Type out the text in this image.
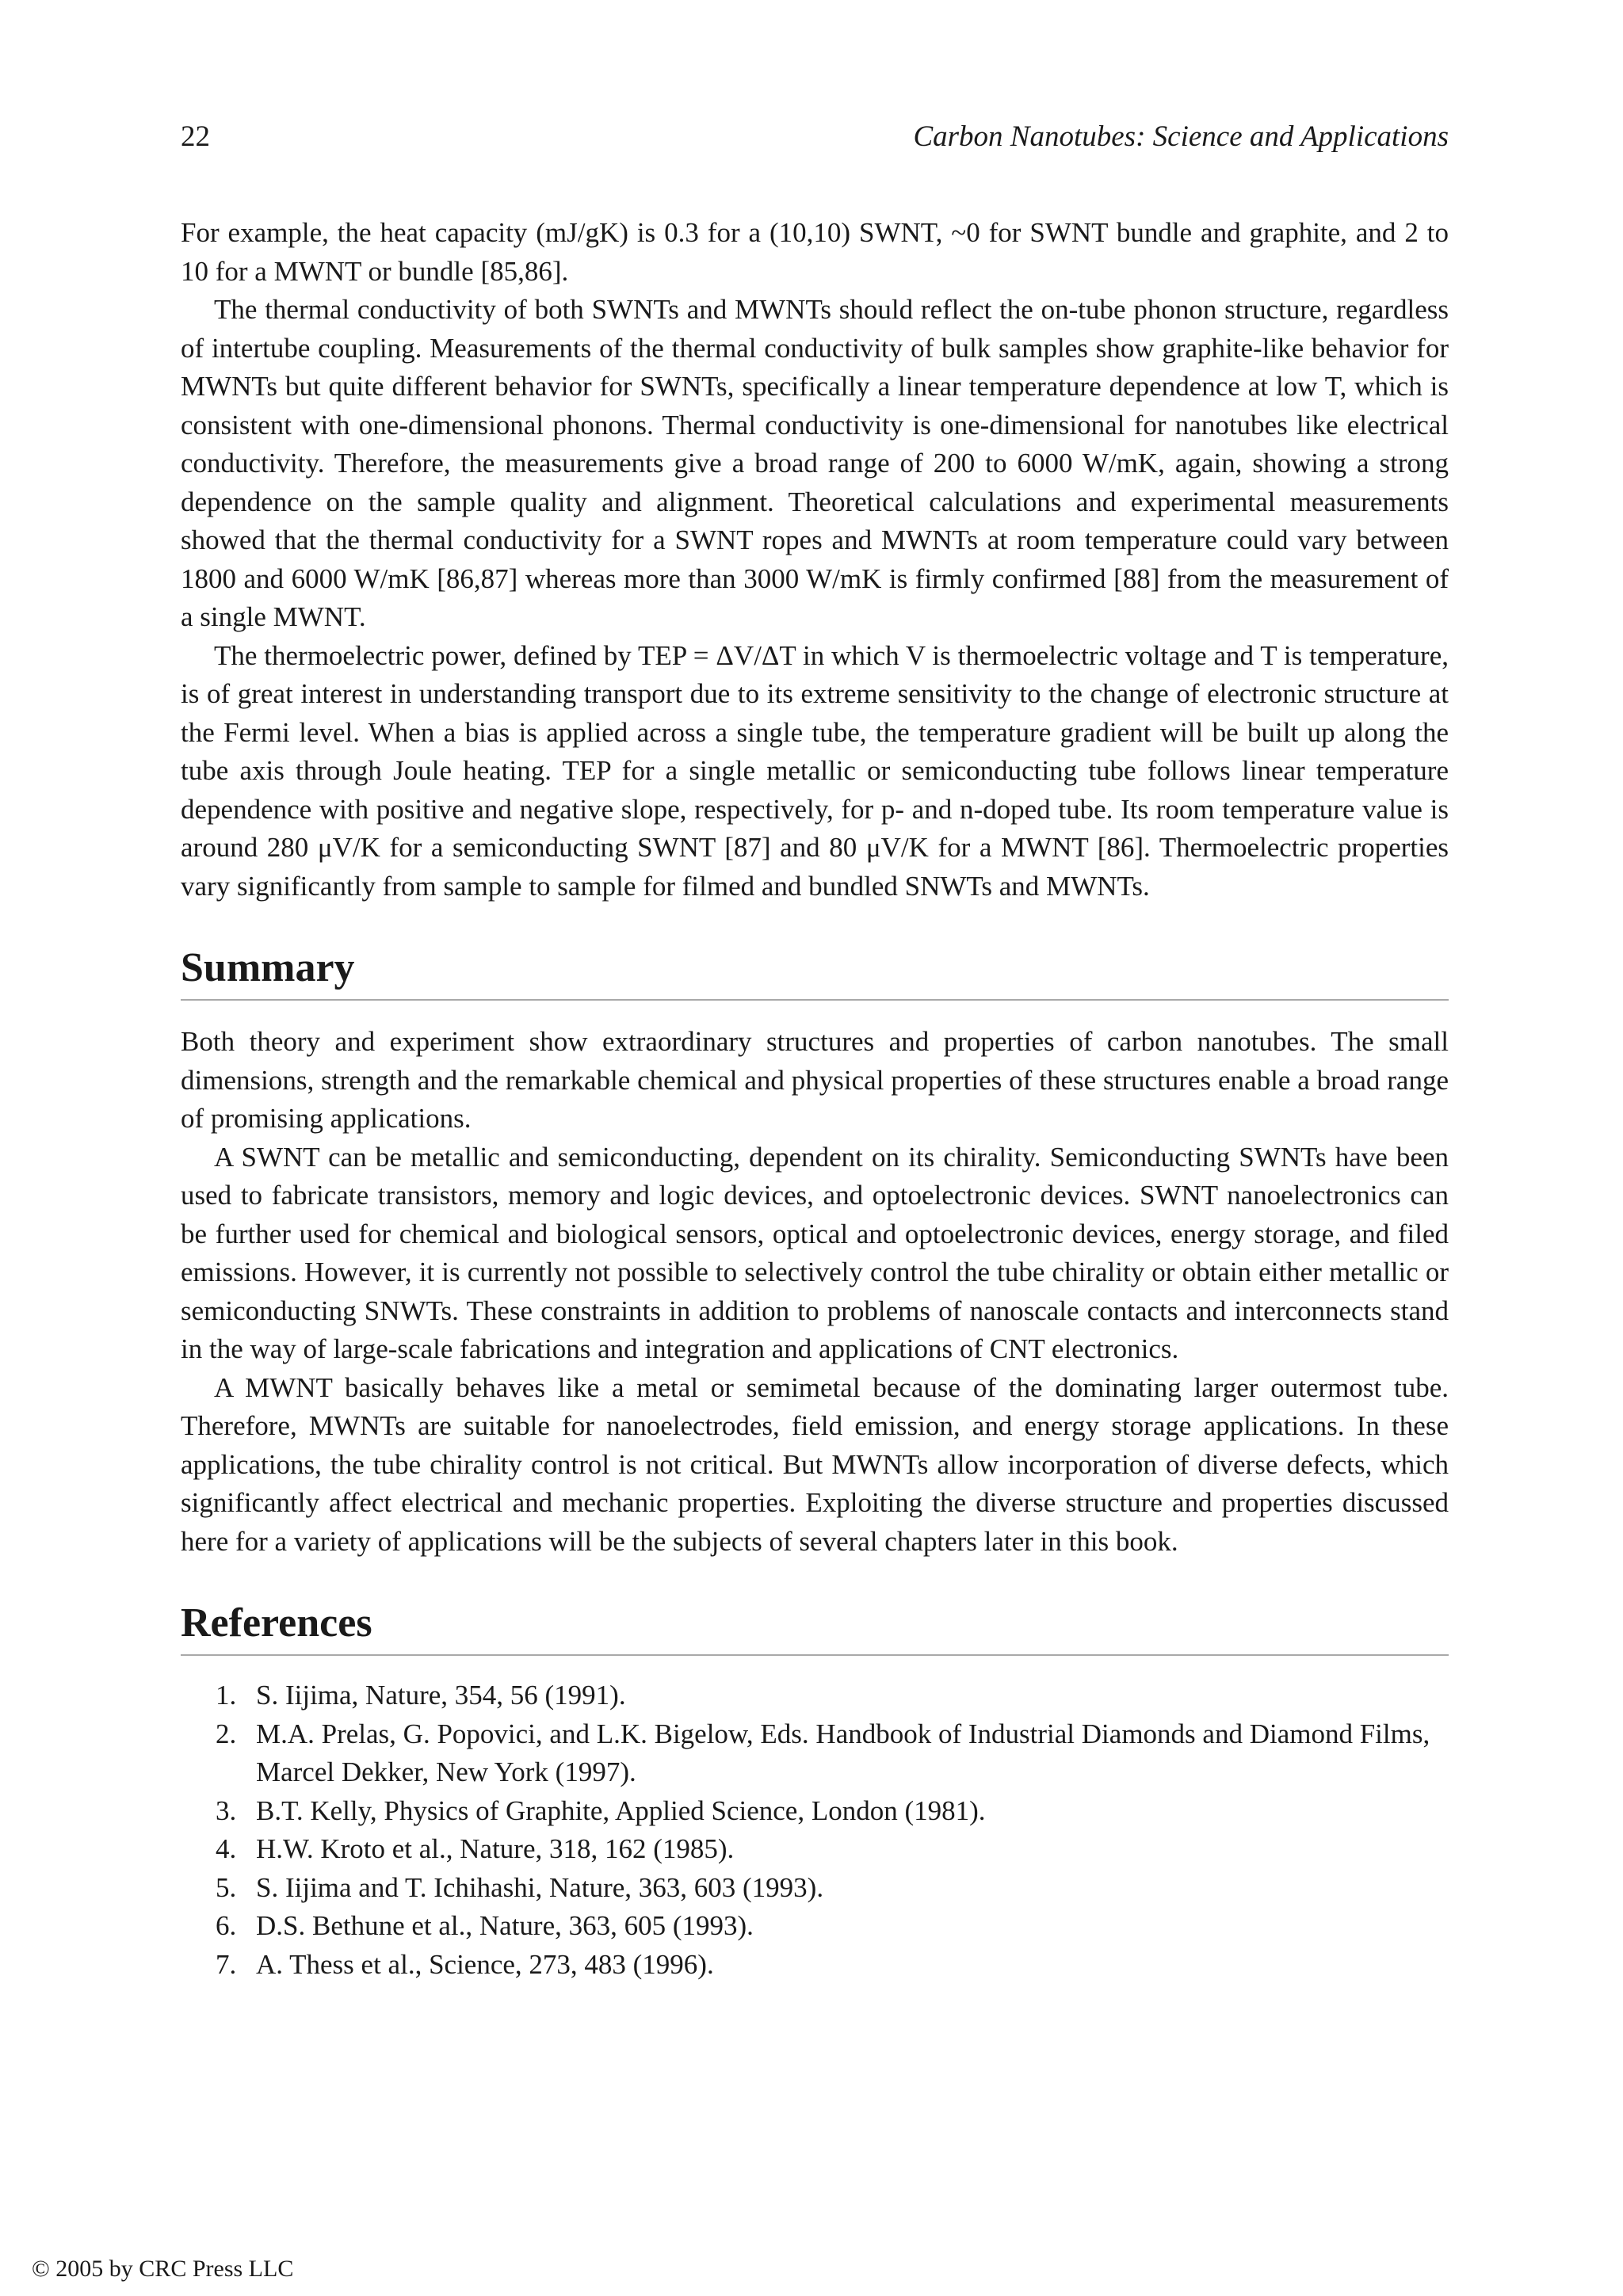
22	Carbon Nanotubes: Science and Applications

For example, the heat capacity (mJ/gK) is 0.3 for a (10,10) SWNT, ~0 for SWNT bundle and graphite, and 2 to 10 for a MWNT or bundle [85,86].

The thermal conductivity of both SWNTs and MWNTs should reflect the on-tube phonon structure, regardless of intertube coupling. Measurements of the thermal conductivity of bulk samples show graphite-like behavior for MWNTs but quite different behavior for SWNTs, specifically a linear temperature dependence at low T, which is consistent with one-dimensional phonons. Thermal conductivity is one-dimensional for nanotubes like electrical conductivity. Therefore, the measurements give a broad range of 200 to 6000 W/mK, again, showing a strong dependence on the sample quality and alignment. Theoretical calculations and experimental measurements showed that the thermal conductivity for a SWNT ropes and MWNTs at room temperature could vary between 1800 and 6000 W/mK [86,87] whereas more than 3000 W/mK is firmly confirmed [88] from the measurement of a single MWNT.

The thermoelectric power, defined by TEP = ΔV/ΔT in which V is thermoelectric voltage and T is temperature, is of great interest in understanding transport due to its extreme sensitivity to the change of electronic structure at the Fermi level. When a bias is applied across a single tube, the temperature gradient will be built up along the tube axis through Joule heating. TEP for a single metallic or semiconducting tube follows linear temperature dependence with positive and negative slope, respectively, for p- and n-doped tube. Its room temperature value is around 280 μV/K for a semiconducting SWNT [87] and 80 μV/K for a MWNT [86]. Thermoelectric properties vary significantly from sample to sample for filmed and bundled SNWTs and MWNTs.

Summary

Both theory and experiment show extraordinary structures and properties of carbon nanotubes. The small dimensions, strength and the remarkable chemical and physical properties of these structures enable a broad range of promising applications.

A SWNT can be metallic and semiconducting, dependent on its chirality. Semiconducting SWNTs have been used to fabricate transistors, memory and logic devices, and optoelectronic devices. SWNT nanoelectronics can be further used for chemical and biological sensors, optical and optoelectronic devices, energy storage, and filed emissions. However, it is currently not possible to selectively control the tube chirality or obtain either metallic or semiconducting SNWTs. These constraints in addition to problems of nanoscale contacts and interconnects stand in the way of large-scale fabrications and integration and applications of CNT electronics.

A MWNT basically behaves like a metal or semimetal because of the dominating larger outermost tube. Therefore, MWNTs are suitable for nanoelectrodes, field emission, and energy storage applications. In these applications, the tube chirality control is not critical. But MWNTs allow incorporation of diverse defects, which significantly affect electrical and mechanic properties. Exploiting the diverse structure and properties discussed here for a variety of applications will be the subjects of several chapters later in this book.

References
1. S. Iijima, Nature, 354, 56 (1991).
2. M.A. Prelas, G. Popovici, and L.K. Bigelow, Eds. Handbook of Industrial Diamonds and Diamond Films, Marcel Dekker, New York (1997).
3. B.T. Kelly, Physics of Graphite, Applied Science, London (1981).
4. H.W. Kroto et al., Nature, 318, 162 (1985).
5. S. Iijima and T. Ichihashi, Nature, 363, 603 (1993).
6. D.S. Bethune et al., Nature, 363, 605 (1993).
7. A. Thess et al., Science, 273, 483 (1996).
© 2005 by CRC Press LLC
